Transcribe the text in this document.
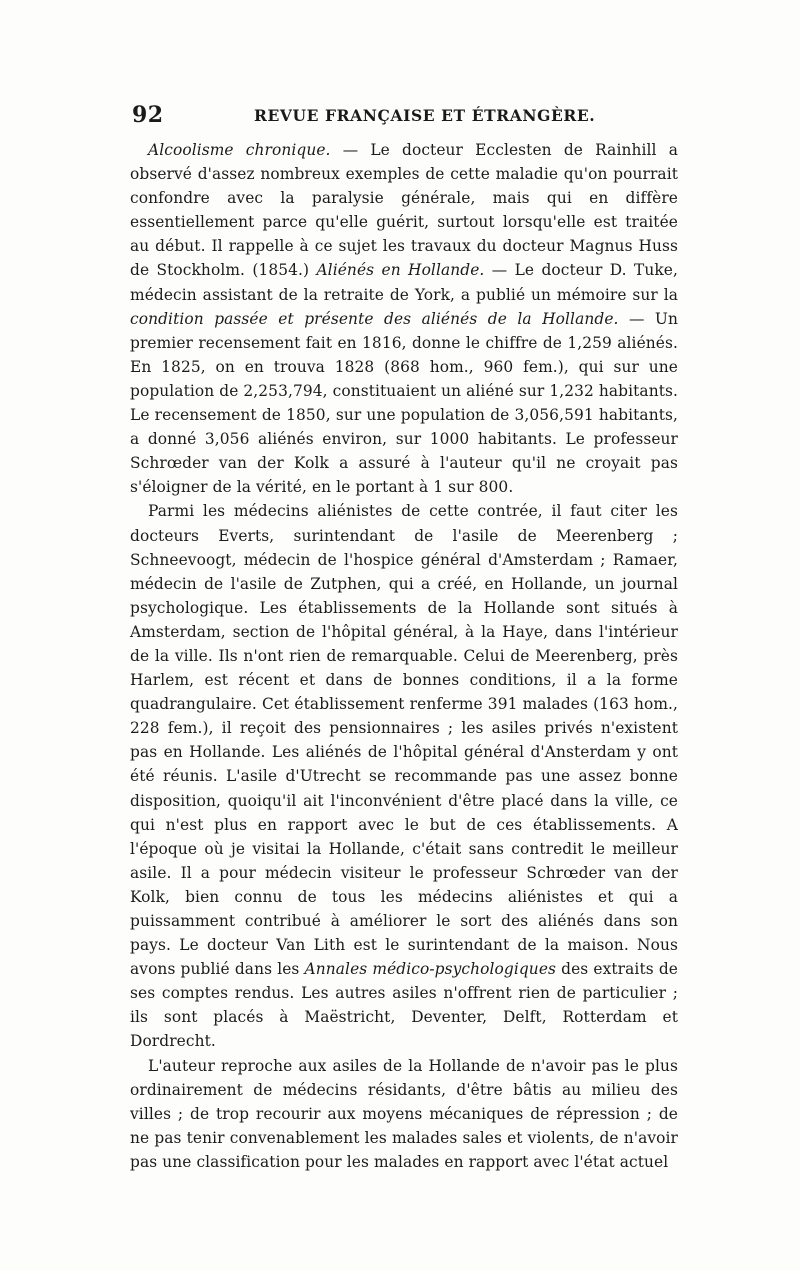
92	REVUE FRANÇAISE ET ÉTRANGÈRE.

Alcoolisme chronique. — Le docteur Ecclesten de Rainhill a observé d'assez nombreux exemples de cette maladie qu'on pourrait confondre avec la paralysie générale, mais qui en diffère essentiellement parce qu'elle guérit, surtout lorsqu'elle est traitée au début. Il rappelle à ce sujet les travaux du docteur Magnus Huss de Stockholm. (1854.) Aliénés en Hollande. — Le docteur D. Tuke, médecin assistant de la retraite de York, a publié un mémoire sur la condition passée et présente des aliénés de la Hollande. — Un premier recensement fait en 1816, donne le chiffre de 1,259 aliénés. En 1825, on en trouva 1828 (868 hom., 960 fem.), qui sur une population de 2,253,794, constituaient un aliéné sur 1,232 habitants. Le recensement de 1850, sur une population de 3,056,591 habitants, a donné 3,056 aliénés environ, sur 1000 habitants. Le professeur Schrœder van der Kolk a assuré à l'auteur qu'il ne croyait pas s'éloigner de la vérité, en le portant à 1 sur 800.

Parmi les médecins aliénistes de cette contrée, il faut citer les docteurs Everts, surintendant de l'asile de Meerenberg ; Schneevoogt, médecin de l'hospice général d'Amsterdam ; Ramaer, médecin de l'asile de Zutphen, qui a créé, en Hollande, un journal psychologique. Les établissements de la Hollande sont situés à Amsterdam, section de l'hôpital général, à la Haye, dans l'intérieur de la ville. Ils n'ont rien de remarquable. Celui de Meerenberg, près Harlem, est récent et dans de bonnes conditions, il a la forme quadrangulaire. Cet établissement renferme 391 malades (163 hom., 228 fem.), il reçoit des pensionnaires ; les asiles privés n'existent pas en Hollande. Les aliénés de l'hôpital général d'Ansterdam y ont été réunis. L'asile d'Utrecht se recommande pas une assez bonne disposition, quoiqu'il ait l'inconvénient d'être placé dans la ville, ce qui n'est plus en rapport avec le but de ces établissements. A l'époque où je visitai la Hollande, c'était sans contredit le meilleur asile. Il a pour médecin visiteur le professeur Schrœder van der Kolk, bien connu de tous les médecins aliénistes et qui a puissamment contribué à améliorer le sort des aliénés dans son pays. Le docteur Van Lith est le surintendant de la maison. Nous avons publié dans les Annales médico-psychologiques des extraits de ses comptes rendus. Les autres asiles n'offrent rien de particulier ; ils sont placés à Maëstricht, Deventer, Delft, Rotterdam et Dordrecht.

L'auteur reproche aux asiles de la Hollande de n'avoir pas le plus ordinairement de médecins résidants, d'être bâtis au milieu des villes ; de trop recourir aux moyens mécaniques de répression ; de ne pas tenir convenablement les malades sales et violents, de n'avoir pas une classification pour les malades en rapport avec l'état actuel
